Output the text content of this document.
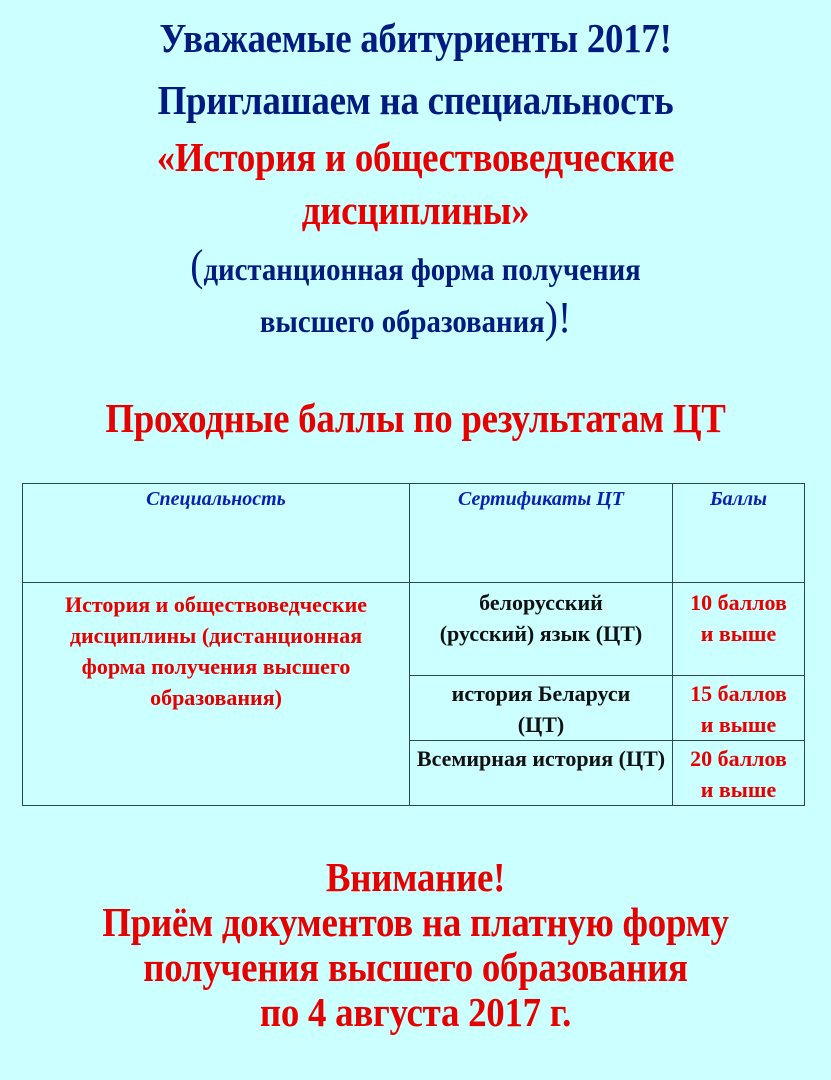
Уважаемые абитуриенты 2017!
Приглашаем на специальность
«История и обществоведческие
дисциплины»
(дистанционная форма получения
высшего образования)!
Проходные баллы по результатам ЦТ
Специальность	Сертификаты ЦТ	Баллы
История и обществоведческие дисциплины (дистанционная форма получения высшего образования)	белорусский (русский) язык (ЦТ)	10 баллов и выше
	история Беларуси (ЦТ)	15 баллов и выше
	Всемирная история (ЦТ)	20 баллов и выше
Внимание!
Приём документов на платную форму
получения высшего образования
по 4 августа 2017 г.
